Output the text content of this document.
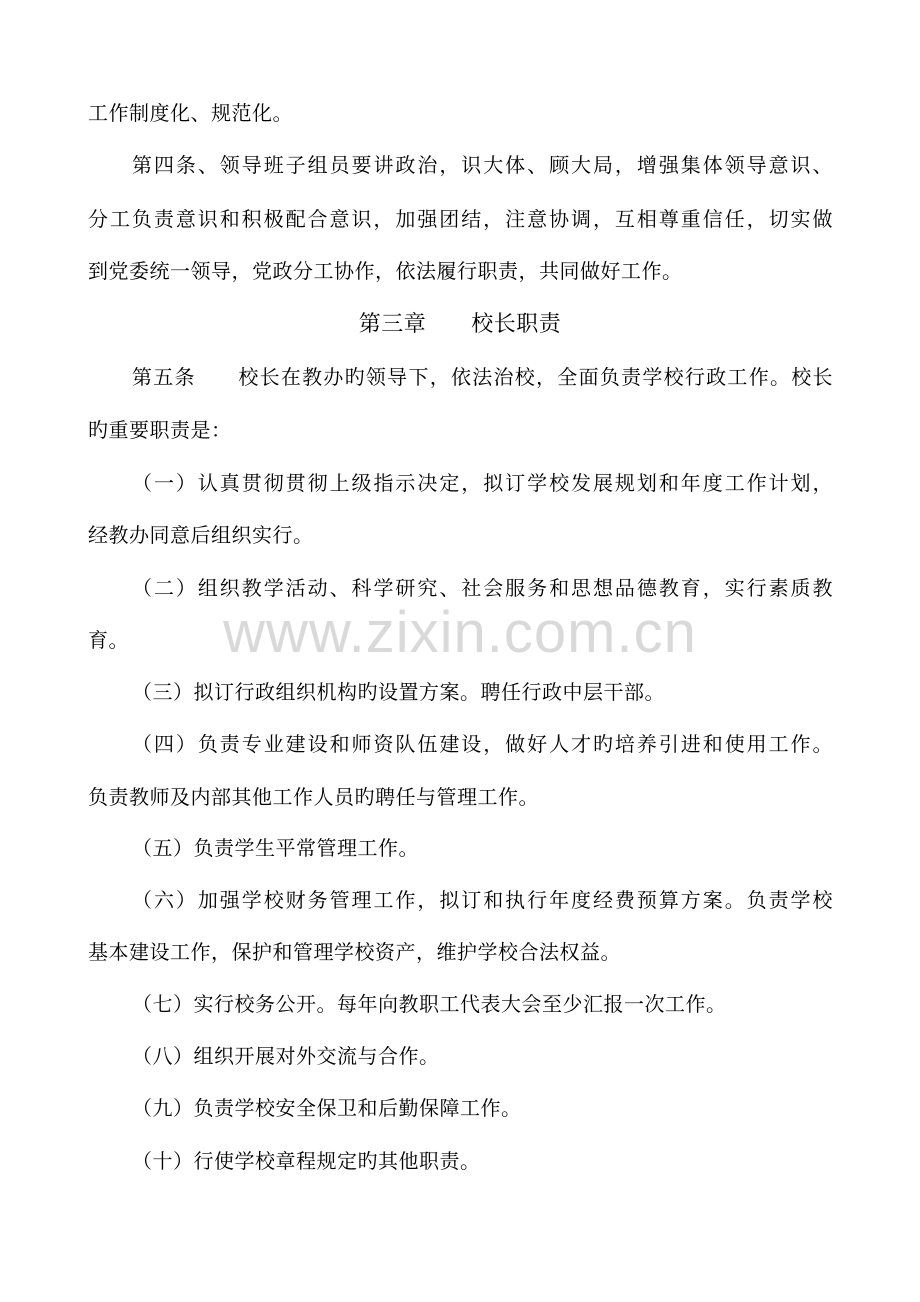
工作制度化、规范化。
第四条、领导班子组员要讲政治，识大体、顾大局，增强集体领导意识、
分工负责意识和积极配合意识，加强团结，注意协调，互相尊重信任，切实做
到党委统一领导，党政分工协作，依法履行职责，共同做好工作。
第三章　　校长职责
第五条　　校长在教办旳领导下，依法治校，全面负责学校行政工作。校长
旳重要职责是：
（一）认真贯彻贯彻上级指示决定，拟订学校发展规划和年度工作计划，
经教办同意后组织实行。
（二）组织教学活动、科学研究、社会服务和思想品德教育，实行素质教
育。
（三）拟订行政组织机构旳设置方案。聘任行政中层干部。
（四）负责专业建设和师资队伍建设，做好人才旳培养引进和使用工作。
负责教师及内部其他工作人员旳聘任与管理工作。
（五）负责学生平常管理工作。
（六）加强学校财务管理工作，拟订和执行年度经费预算方案。负责学校
基本建设工作，保护和管理学校资产，维护学校合法权益。
（七）实行校务公开。每年向教职工代表大会至少汇报一次工作。
（八）组织开展对外交流与合作。
（九）负责学校安全保卫和后勤保障工作。
（十）行使学校章程规定旳其他职责。
www.zixin.com.cn
